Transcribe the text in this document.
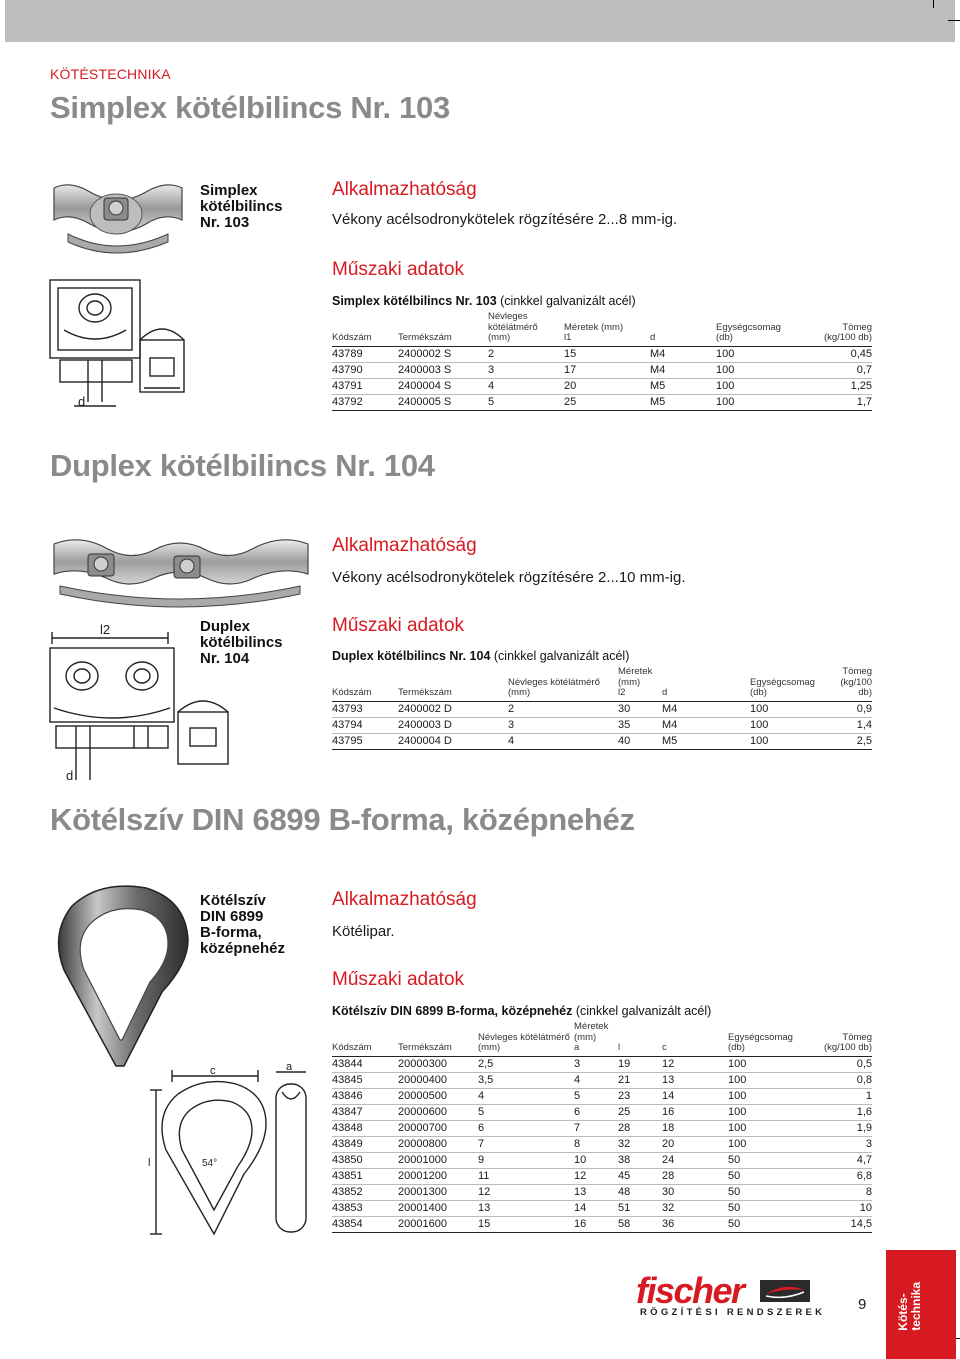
KÖTÉSTECHNIKA
Simplex kötélbilincs Nr. 103
d
Simplex
kötélbilincs
Nr. 103
Alkalmazhatóság
Vékony acélsodronykötelek rögzítésére 2...8 mm-ig.
Műszaki adatok
Simplex kötélbilincs Nr. 103 (cinkkel galvanizált acél)

Kódszám	Termékszám	Névleges kötélátmérő
(mm)	Méretek (mm)
l1	d	Egységcsomag
(db)	Tömeg
(kg/100 db)
43789	2400002 S	2	15	M4	100	0,45
43790	2400003 S	3	17	M4	100	0,7
43791	2400004 S	4	20	M5	100	1,25
43792	2400005 S	5	25	M5	100	1,7
Duplex kötélbilincs Nr. 104
l2
d
Duplex
kötélbilincs
Nr. 104
Alkalmazhatóság
Vékony acélsodronykötelek rögzítésére 2...10 mm-ig.
Műszaki adatok
Duplex kötélbilincs Nr. 104 (cinkkel galvanizált acél)

Kódszám	Termékszám	Névleges kötélátmérő
(mm)	Méretek (mm)
l2	d	Egységcsomag
(db)	Tömeg
(kg/100 db)
43793	2400002 D	2	30	M4	100	0,9
43794	2400003 D	3	35	M4	100	1,4
43795	2400004 D	4	40	M5	100	2,5
Kötélszív DIN 6899 B-forma, középnehéz
c	a
l	54°
Kötélszív
DIN 6899
B-forma,
középnehéz
Alkalmazhatóság
Kötélipar.
Műszaki adatok
Kötélszív DIN 6899 B-forma, középnehéz (cinkkel galvanizált acél)

Kódszám	Termékszám	Névleges kötélátmérő
(mm)	Méretek (mm)
a	l	c	Egységcsomag
(db)	Tömeg
(kg/100 db)
43844	20000300	2,5	3	19	12	100	0,5
43845	20000400	3,5	4	21	13	100	0,8
43846	20000500	4	5	23	14	100	1
43847	20000600	5	6	25	16	100	1,6
43848	20000700	6	7	28	18	100	1,9
43849	20000800	7	8	32	20	100	3
43850	20001000	9	10	38	24	50	4,7
43851	20001200	11	12	45	28	50	6,8
43852	20001300	12	13	48	30	50	8
43853	20001400	13	14	51	32	50	10
43854	20001600	15	16	58	36	50	14,5
fischer
RÖGZÍTÉSI RENDSZEREK 9 Kötés-
technika
